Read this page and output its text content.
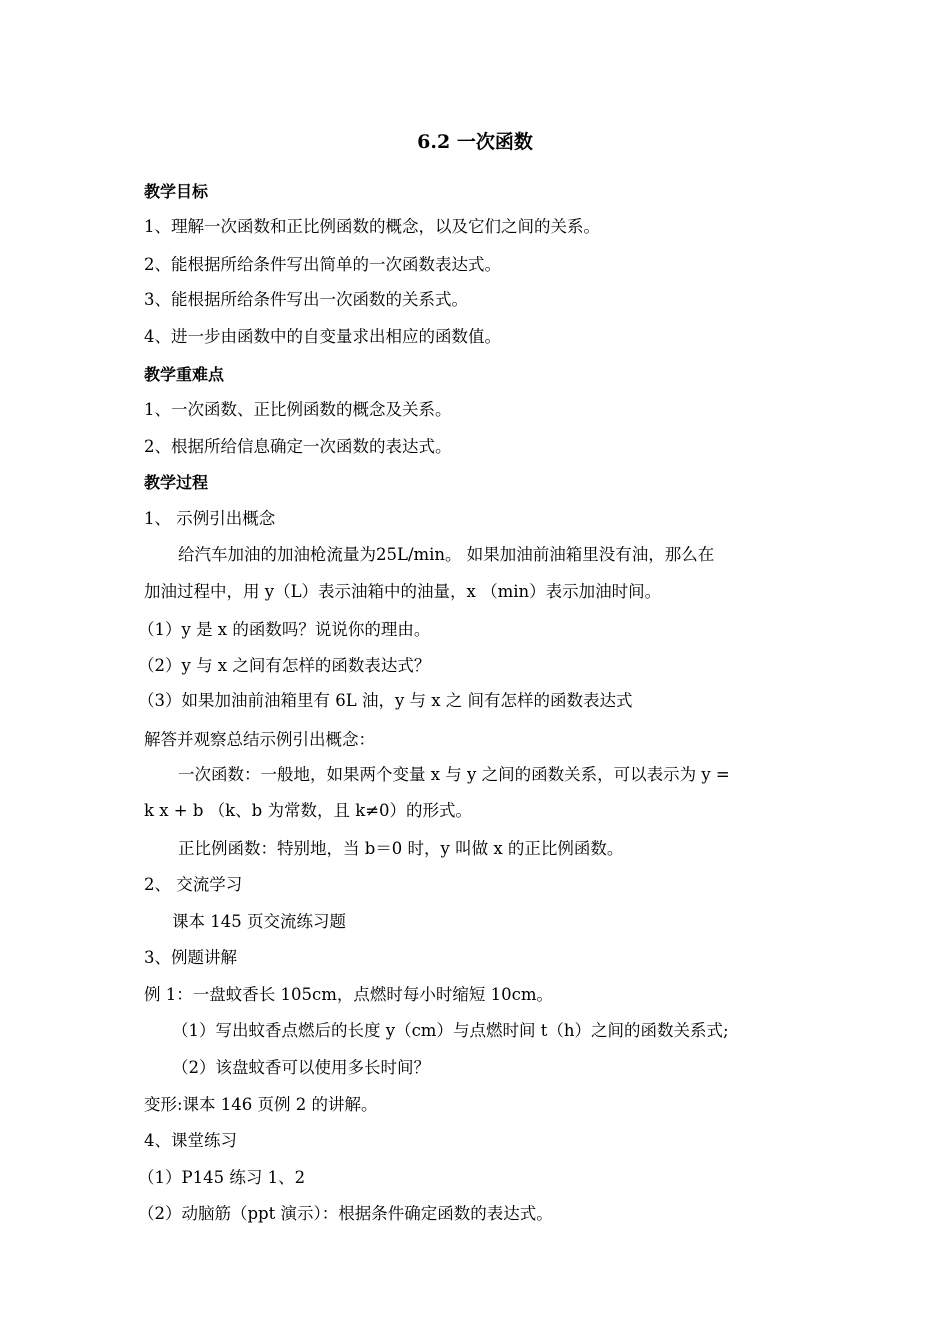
6.2 一次函数
教学目标
1、理解一次函数和正比例函数的概念，以及它们之间的关系。
2、能根据所给条件写出简单的一次函数表达式。
3、能根据所给条件写出一次函数的关系式。
4、进一步由函数中的自变量求出相应的函数值。
教学重难点
1、一次函数、正比例函数的概念及关系。
2、根据所给信息确定一次函数的表达式。
教学过程
1、 示例引出概念
给汽车加油的加油枪流量为25L/min。 如果加油前油箱里没有油，那么在
加油过程中，用 y（L）表示油箱中的油量，x （min）表示加油时间。
（1）y 是 x 的函数吗？说说你的理由。
（2）y 与 x 之间有怎样的函数表达式？
（3）如果加油前油箱里有 6L 油，y 与 x 之 间有怎样的函数表达式
解答并观察总结示例引出概念：
一次函数：一般地，如果两个变量 x 与 y 之间的函数关系，可以表示为 y =
k x + b （k、b 为常数，且 k≠0）的形式。
正比例函数：特别地，当 b＝0 时，y 叫做 x 的正比例函数。
2、 交流学习
课本 145 页交流练习题
3、例题讲解
例 1：一盘蚊香长 105cm，点燃时每小时缩短 10cm。
（1）写出蚊香点燃后的长度 y（cm）与点燃时间 t（h）之间的函数关系式;
（2）该盘蚊香可以使用多长时间？
变形:课本 146 页例 2 的讲解。
4、课堂练习
（1）P145 练习 1、2
（2）动脑筋（ppt 演示）：根据条件确定函数的表达式。
